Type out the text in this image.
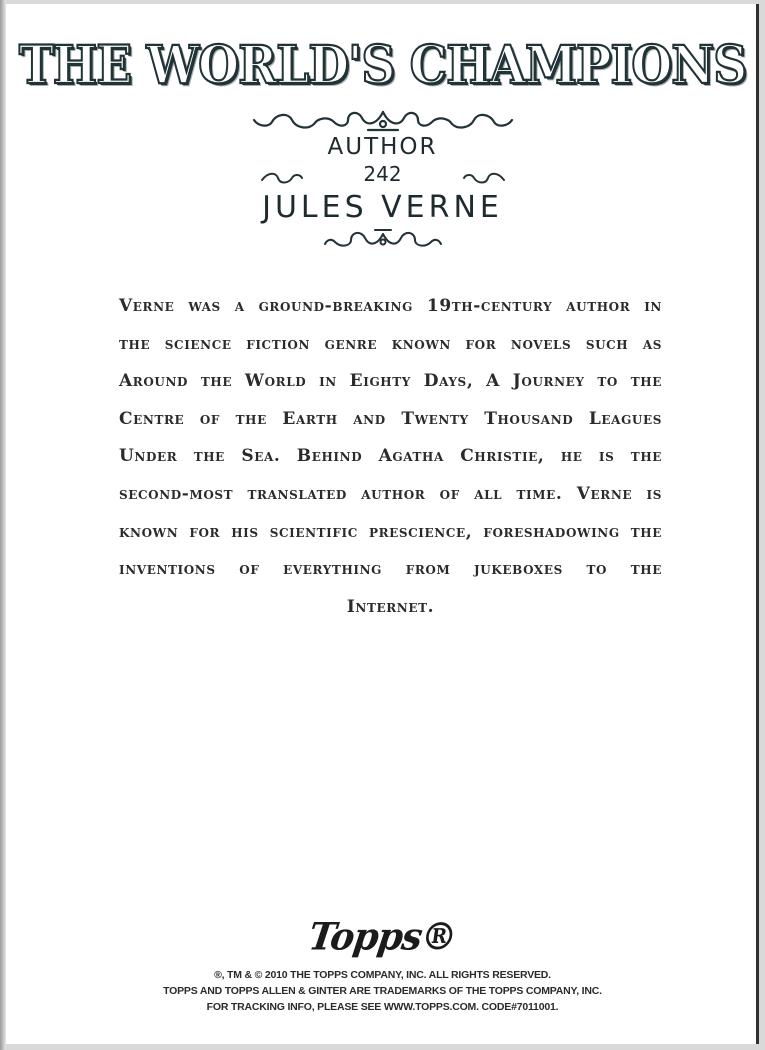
THE WORLD'S CHAMPIONS
AUTHOR
242
JULES VERNE
Verne was a ground-breaking 19th-century author in the science fiction genre known for novels such as Around the World in Eighty Days, A Journey to the Centre of the Earth and Twenty Thousand Leagues Under the Sea. Behind Agatha Christie, he is the second-most translated author of all time. Verne is known for his scientific prescience, foreshadowing the inventions of everything from jukeboxes to the Internet.
Topps®
®, TM & © 2010 THE TOPPS COMPANY, INC. ALL RIGHTS RESERVED.
TOPPS AND TOPPS ALLEN & GINTER ARE TRADEMARKS OF THE TOPPS COMPANY, INC.
FOR TRACKING INFO, PLEASE SEE WWW.TOPPS.COM. CODE#7011001.
